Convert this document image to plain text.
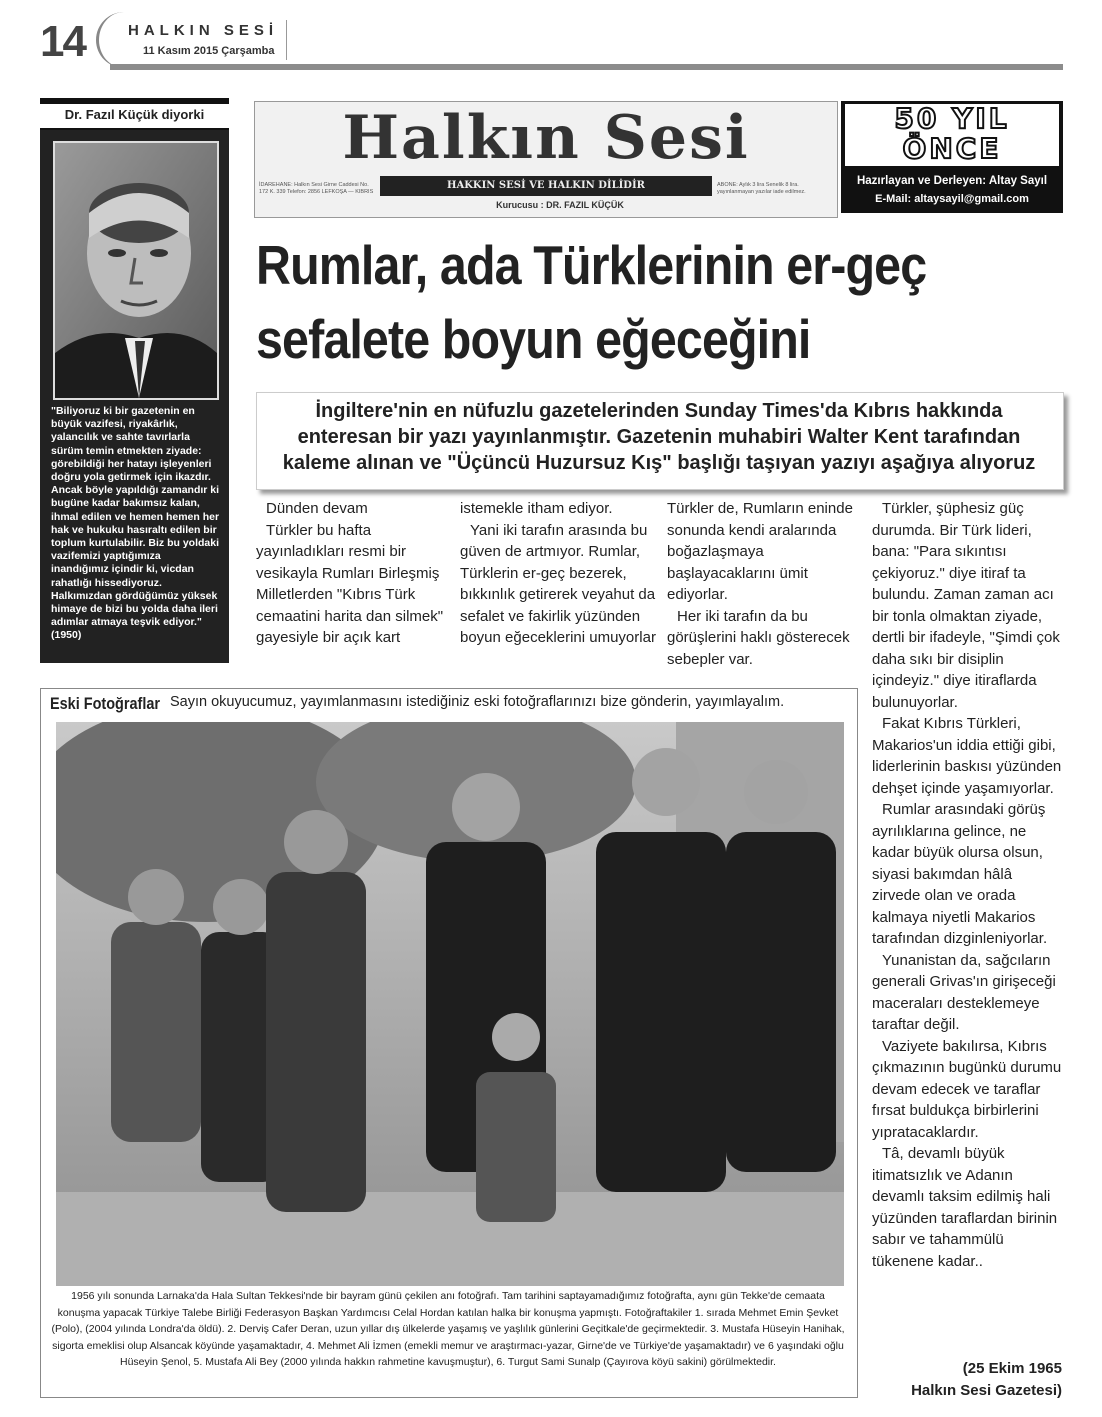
14	HALKIN SESİ
11 Kasım 2015 Çarşamba
Dr. Fazıl Küçük diyorki
"Biliyoruz ki bir gazetenin en büyük vazifesi, riyakârlık, yalancılık ve sahte tavırlarla sürüm temin etmekten ziyade: görebildiği her hatayı işleyenleri doğru yola getirmek için ikazdır. Ancak böyle yapıldığı zamandır ki bugüne kadar bakımsız kalan, ihmal edilen ve hemen hemen her hak ve hukuku hasıraltı edilen bir toplum kurtulabilir. Biz bu yoldaki vazifemizi yaptığımıza inandığımız içindir ki, vicdan rahatlığı hissediyoruz. Halkımızdan gördüğümüz yüksek himaye de bizi bu yolda daha ileri adımlar atmaya teşvik ediyor." (1950)
Halkın Sesi
İDAREHANE: Halkın Sesi Girne Caddesi No. 172 K. 339 Telefon: 2856 LEFKOŞA — KIBRIS
HAKKIN SESİ VE HALKIN DİLİDİR	ABONE: Aylık 3 lira Senelik 8 lira. yayınlanmayan yazılar iade edilmez.
Kurucusu : DR. FAZIL KÜÇÜK
50 YIL
ÖNCE
Hazırlayan ve Derleyen: Altay Sayıl
E-Mail: altaysayil@gmail.com
Rumlar, ada Türklerinin er-geç
sefalete boyun eğeceğini
İngiltere'nin en nüfuzlu gazetelerinden Sunday Times'da Kıbrıs hakkında
enteresan bir yazı yayınlanmıştır. Gazetenin muhabiri Walter Kent tarafından
kaleme alınan ve "Üçüncü Huzursuz Kış" başlığı taşıyan yazıyı aşağıya alıyoruz

Dünden devam

Türkler bu hafta yayınladıkları resmi bir vesikayla Rumları Birleşmiş Milletlerden "Kıbrıs Türk cemaatini harita dan silmek" gayesiyle bir açık kart

istemekle itham ediyor.

Yani iki tarafın arasında bu güven de artmıyor. Rumlar, Türklerin er-geç bezerek, bıkkınlık getirerek veyahut da sefalet ve fakirlik yüzünden boyun eğeceklerini umuyorlar

Türkler de, Rumların eninde sonunda kendi aralarında boğazlaşmaya başlayacaklarını ümit ediyorlar.

Her iki tarafın da bu görüşlerini haklı gösterecek sebepler var.

Türkler, şüphesiz güç durumda. Bir Türk lideri, bana: "Para sıkıntısı çekiyoruz." diye itiraf ta bulundu. Zaman zaman acı bir tonla olmaktan ziyade, dertli bir ifadeyle, "Şimdi çok daha sıkı bir disiplin içindeyiz." diye itiraflarda bulunuyorlar.

Fakat Kıbrıs Türkleri, Makarios'un iddia ettiği gibi, liderlerinin baskısı yüzünden dehşet içinde yaşamıyorlar.

Rumlar arasındaki görüş ayrılıklarına gelince, ne kadar büyük olursa olsun, siyasi bakımdan hâlâ zirvede olan ve orada kalmaya niyetli Makarios tarafından dizginleniyorlar.

Yunanistan da, sağcıların generali Grivas'ın girişeceği maceraları desteklemeye taraftar değil.

Vaziyete bakılırsa, Kıbrıs çıkmazının bugünkü durumu devam edecek ve taraflar fırsat buldukça birbirlerini yıpratacaklardır.

Tâ, devamlı büyük itimatsızlık ve Adanın devamlı taksim edilmiş hali yüzünden taraflardan birinin sabır ve tahammülü tükenene kadar..

(25 Ekim 1965
Halkın Sesi Gazetesi)
Eski Fotoğraflar Sayın okuyucumuz, yayımlanmasını istediğiniz eski fotoğraflarınızı bize gönderin, yayımlayalım.
1956 yılı sonunda Larnaka'da Hala Sultan Tekkesi'nde bir bayram günü çekilen anı fotoğrafı. Tam tarihini saptayamadığımız fotoğrafta, aynı gün Tekke'de cemaata konuşma yapacak Türkiye Talebe Birliği Federasyon Başkan Yardımcısı Celal Hordan katılan halka bir konuşma yapmıştı. Fotoğraftakiler 1. sırada Mehmet Emin Şevket (Polo), (2004 yılında Londra'da öldü). 2. Derviş Cafer Deran, uzun yıllar dış ülkelerde yaşamış ve yaşlılık günlerini Geçitkale'de geçirmektedir. 3. Mustafa Hüseyin Hanihak, sigorta emeklisi olup Alsancak köyünde yaşamaktadır, 4. Mehmet Ali İzmen (emekli memur ve araştırmacı-yazar, Girne'de ve Türkiye'de yaşamaktadır) ve 6 yaşındaki oğlu Hüseyin Şenol, 5. Mustafa Ali Bey (2000 yılında hakkın rahmetine kavuşmuştur), 6. Turgut Sami Sunalp (Çayırova köyü sakini) görülmektedir.
